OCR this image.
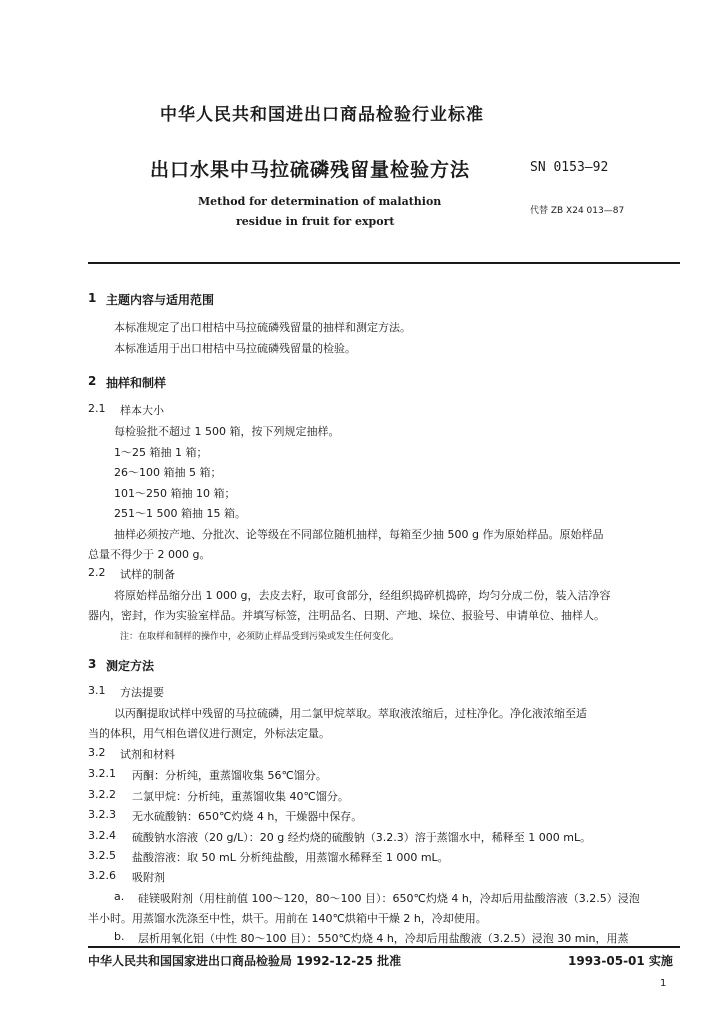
中华人民共和国进出口商品检验行业标准
出口水果中马拉硫磷残留量检验方法	SN 0153—92
Method for determination of malathion
residue in fruit for export
代替 ZB X24 013—87
1 主题内容与适用范围
本标准规定了出口柑桔中马拉硫磷残留量的抽样和测定方法。
本标准适用于出口柑桔中马拉硫磷残留量的检验。
2 抽样和制样
2.1 样本大小
每检验批不超过 1 500 箱，按下列规定抽样。
1～25 箱抽 1 箱；
26～100 箱抽 5 箱；
101～250 箱抽 10 箱；
251～1 500 箱抽 15 箱。
抽样必须按产地、分批次、论等级在不同部位随机抽样，每箱至少抽 500 g 作为原始样品。原始样品
总量不得少于 2 000 g。
2.2 试样的制备
将原始样品缩分出 1 000 g，去皮去籽，取可食部分，经组织捣碎机捣碎，均匀分成二份，装入洁净容
器内，密封，作为实验室样品。并填写标签，注明品名、日期、产地、垛位、报验号、申请单位、抽样人。
注：在取样和制样的操作中，必须防止样品受到污染或发生任何变化。
3 测定方法
3.1 方法提要
以丙酮提取试样中残留的马拉硫磷，用二氯甲烷萃取。萃取液浓缩后，过柱净化。净化液浓缩至适
当的体积，用气相色谱仪进行测定，外标法定量。
3.2 试剂和材料
3.2.1 丙酮：分析纯，重蒸馏收集 56℃馏分。
3.2.2 二氯甲烷：分析纯，重蒸馏收集 40℃馏分。
3.2.3 无水硫酸钠：650℃灼烧 4 h，干燥器中保存。
3.2.4 硫酸钠水溶液（20 g/L）：20 g 经灼烧的硫酸钠（3.2.3）溶于蒸馏水中，稀释至 1 000 mL。
3.2.5 盐酸溶液：取 50 mL 分析纯盐酸，用蒸馏水稀释至 1 000 mL。
3.2.6 吸附剂
a. 硅镁吸附剂（用柱前值 100～120，80～100 目）：650℃灼烧 4 h，冷却后用盐酸溶液（3.2.5）浸泡
半小时。用蒸馏水洗涤至中性，烘干。用前在 140℃烘箱中干燥 2 h，冷却使用。
b. 层析用氧化铝（中性 80～100 目）：550℃灼烧 4 h，冷却后用盐酸液（3.2.5）浸泡 30 min，用蒸
中华人民共和国国家进出口商品检验局 1992-12-25 批准	1993-05-01 实施
1
